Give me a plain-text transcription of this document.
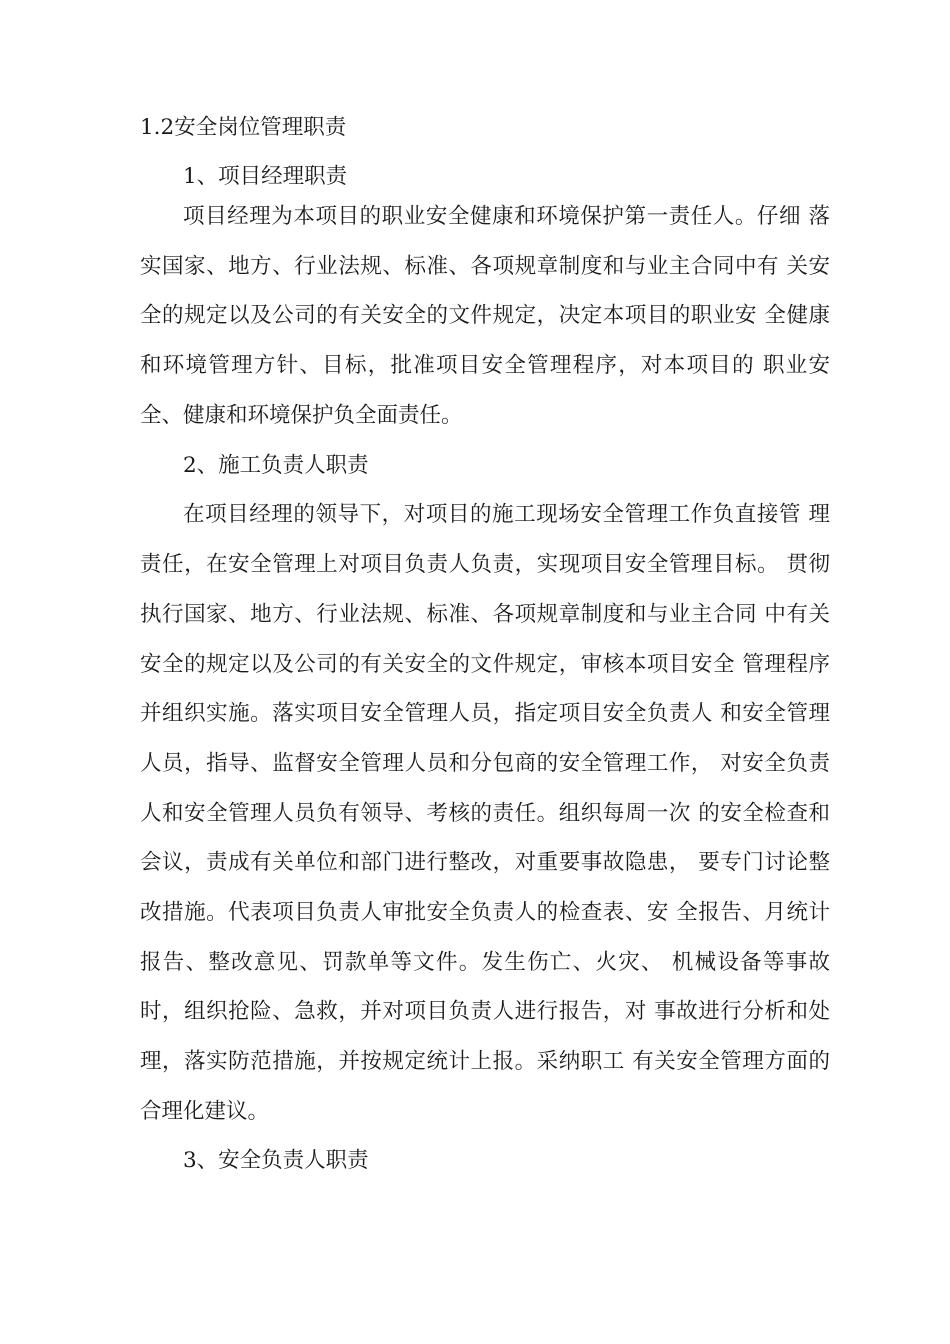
1.2安全岗位管理职责
1、项目经理职责
项目经理为本项目的职业安全健康和环境保护第一责任人。仔细 落
实国家、地方、行业法规、标准、各项规章制度和与业主合同中有 关安
全的规定以及公司的有关安全的文件规定，决定本项目的职业安 全健康
和环境管理方针、目标，批准项目安全管理程序，对本项目的 职业安
全、健康和环境保护负全面责任。
2、施工负责人职责
在项目经理的领导下，对项目的施工现场安全管理工作负直接管 理
责任，在安全管理上对项目负责人负责，实现项目安全管理目标。 贯彻
执行国家、地方、行业法规、标准、各项规章制度和与业主合同 中有关
安全的规定以及公司的有关安全的文件规定，审核本项目安全 管理程序
并组织实施。落实项目安全管理人员，指定项目安全负责人 和安全管理
人员，指导、监督安全管理人员和分包商的安全管理工作， 对安全负责
人和安全管理人员负有领导、考核的责任。组织每周一次 的安全检查和
会议，责成有关单位和部门进行整改，对重要事故隐患， 要专门讨论整
改措施。代表项目负责人审批安全负责人的检查表、安 全报告、月统计
报告、整改意见、罚款单等文件。发生伤亡、火灾、 机械设备等事故
时，组织抢险、急救，并对项目负责人进行报告，对 事故进行分析和处
理，落实防范措施，并按规定统计上报。采纳职工 有关安全管理方面的
合理化建议。
3、安全负责人职责
